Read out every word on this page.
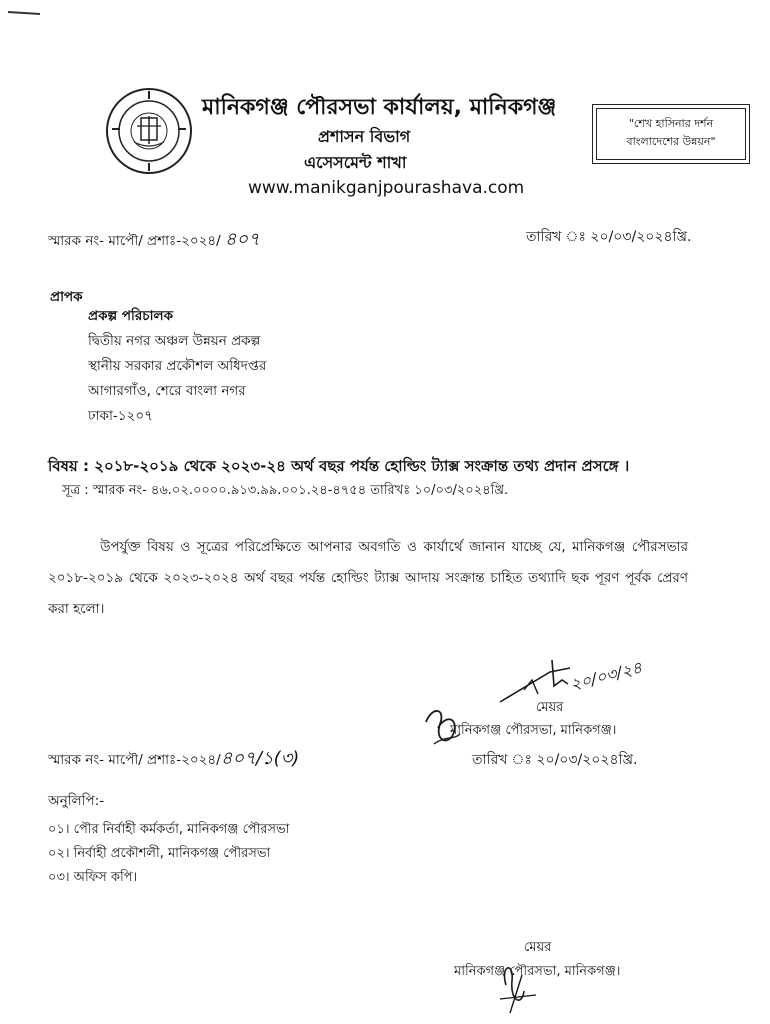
মানিকগঞ্জ পৌরসভা কার্যালয়, মানিকগঞ্জ
প্রশাসন বিভাগ
এসেসমেন্ট শাখা
www.manikganjpourashava.com
"শেখ হাসিনার দর্শন
বাংলাদেশের উন্নয়ন"
স্মারক নং- মাপৌ/ প্রশাঃ-২০২৪/ ৪০৭	তারিখ ঃ ২০/০৩/২০২৪খ্রি.
প্রাপক
প্রকল্প পরিচালক
দ্বিতীয় নগর অঞ্চল উন্নয়ন প্রকল্প
স্থানীয় সরকার প্রকৌশল অধিদপ্তর
আগারগাঁও, শেরে বাংলা নগর
ঢাকা-১২০৭
বিষয় : ২০১৮-২০১৯ থেকে ২০২৩-২৪ অর্থ বছর পর্যন্ত হোল্ডিং ট্যাক্স সংক্রান্ত তথ্য প্রদান প্রসঙ্গে ।
সূত্র : স্মারক নং- ৪৬.০২.০০০০.৯১৩.৯৯.০০১.২৪-৪৭৫৪ তারিখঃ ১০/০৩/২০২৪খ্রি.
উপর্যুক্ত বিষয় ও সূত্রের পরিপ্রেক্ষিতে আপনার অবগতি ও কার্যার্থে জানান যাচ্ছে যে, মানিকগঞ্জ পৌরসভার ২০১৮-২০১৯ থেকে ২০২৩-২০২৪ অর্থ বছর পর্যন্ত হোল্ডিং ট্যাক্স আদায় সংক্রান্ত চাহিত তথ্যাদি ছক পূরণ পূর্বক প্রেরণ করা হলো।
২০/০৩/২৪
মেয়র
মানিকগঞ্জ পৌরসভা, মানিকগঞ্জ।
তারিখ ঃ ২০/০৩/২০২৪খ্রি.
স্মারক নং- মাপৌ/ প্রশাঃ-২০২৪/৪০৭/১(৩)
অনুলিপি:-
০১। পৌর নির্বাহী কর্মকর্তা, মানিকগঞ্জ পৌরসভা
০২। নির্বাহী প্রকৌশলী, মানিকগঞ্জ পৌরসভা
০৩। অফিস কপি।
মেয়র
মানিকগঞ্জ পৌরসভা, মানিকগঞ্জ।
